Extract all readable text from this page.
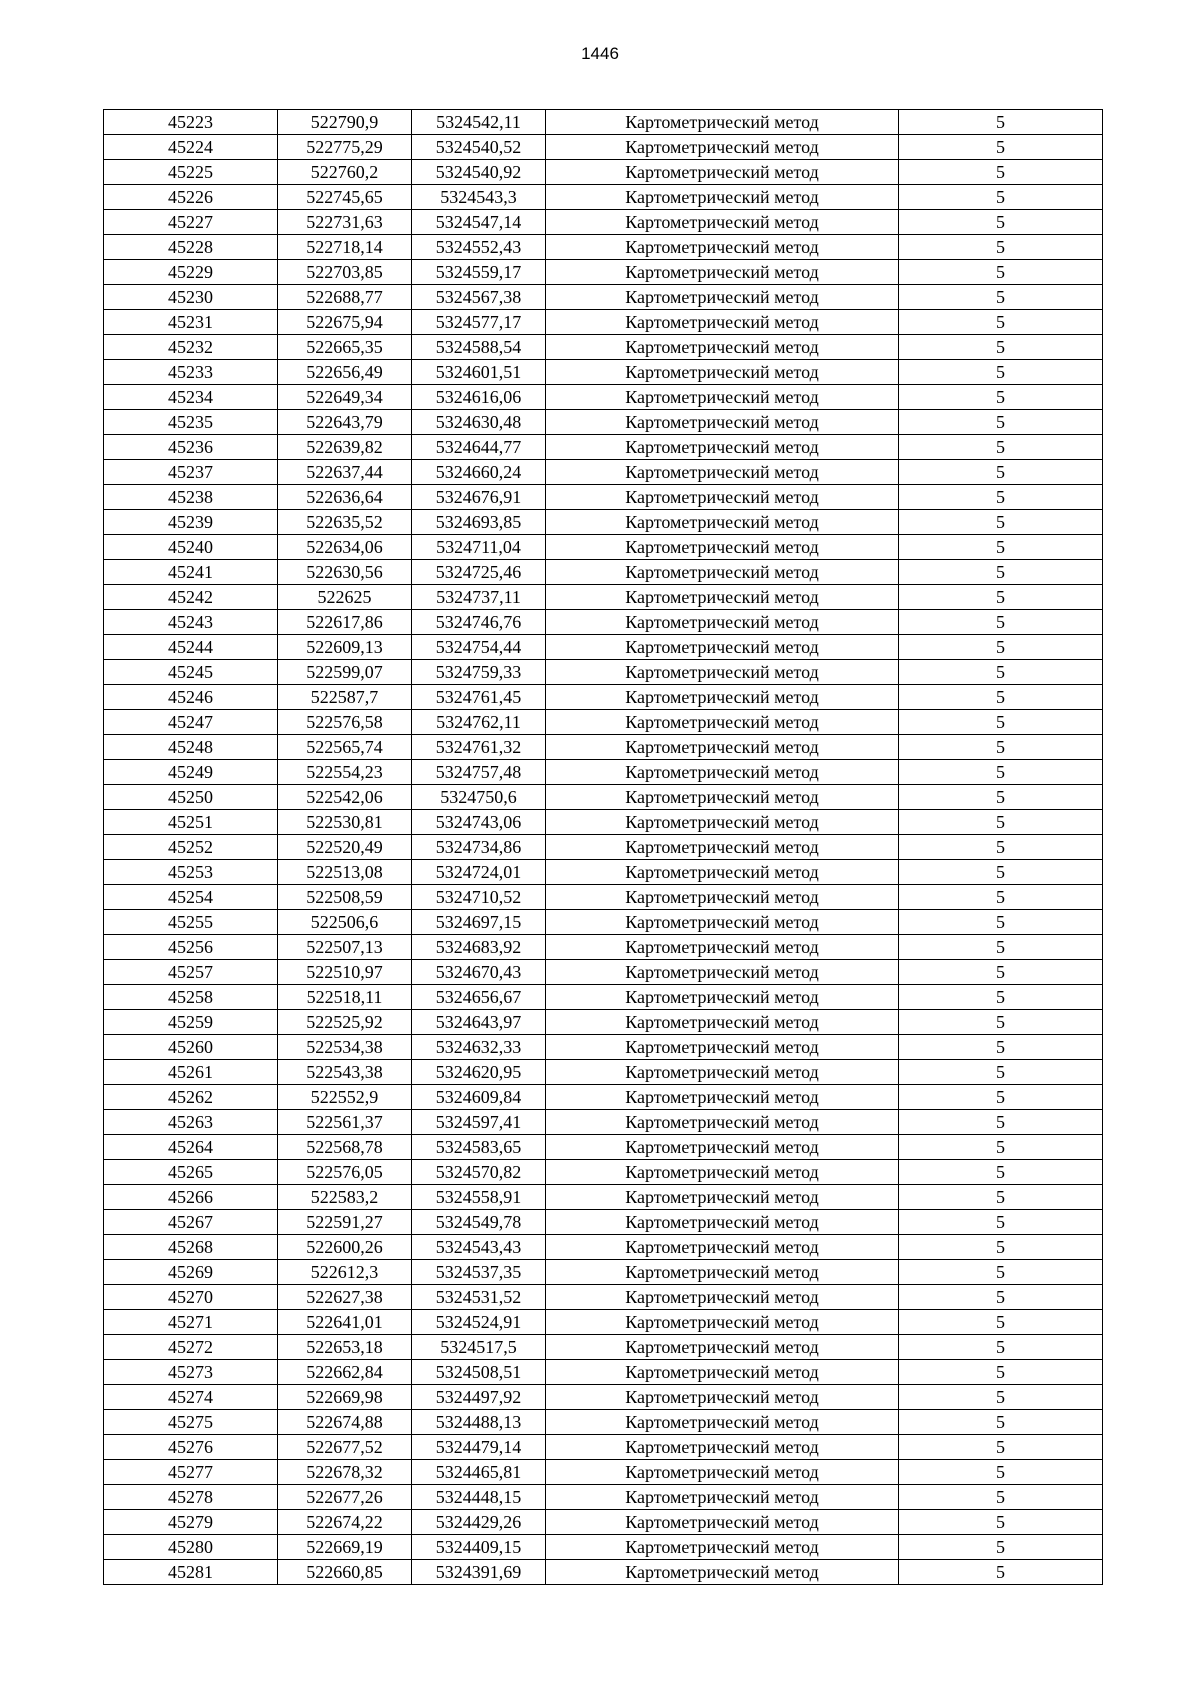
1446
45223	522790,9	5324542,11	Картометрический метод	5
45224	522775,29	5324540,52	Картометрический метод	5
45225	522760,2	5324540,92	Картометрический метод	5
45226	522745,65	5324543,3	Картометрический метод	5
45227	522731,63	5324547,14	Картометрический метод	5
45228	522718,14	5324552,43	Картометрический метод	5
45229	522703,85	5324559,17	Картометрический метод	5
45230	522688,77	5324567,38	Картометрический метод	5
45231	522675,94	5324577,17	Картометрический метод	5
45232	522665,35	5324588,54	Картометрический метод	5
45233	522656,49	5324601,51	Картометрический метод	5
45234	522649,34	5324616,06	Картометрический метод	5
45235	522643,79	5324630,48	Картометрический метод	5
45236	522639,82	5324644,77	Картометрический метод	5
45237	522637,44	5324660,24	Картометрический метод	5
45238	522636,64	5324676,91	Картометрический метод	5
45239	522635,52	5324693,85	Картометрический метод	5
45240	522634,06	5324711,04	Картометрический метод	5
45241	522630,56	5324725,46	Картометрический метод	5
45242	522625	5324737,11	Картометрический метод	5
45243	522617,86	5324746,76	Картометрический метод	5
45244	522609,13	5324754,44	Картометрический метод	5
45245	522599,07	5324759,33	Картометрический метод	5
45246	522587,7	5324761,45	Картометрический метод	5
45247	522576,58	5324762,11	Картометрический метод	5
45248	522565,74	5324761,32	Картометрический метод	5
45249	522554,23	5324757,48	Картометрический метод	5
45250	522542,06	5324750,6	Картометрический метод	5
45251	522530,81	5324743,06	Картометрический метод	5
45252	522520,49	5324734,86	Картометрический метод	5
45253	522513,08	5324724,01	Картометрический метод	5
45254	522508,59	5324710,52	Картометрический метод	5
45255	522506,6	5324697,15	Картометрический метод	5
45256	522507,13	5324683,92	Картометрический метод	5
45257	522510,97	5324670,43	Картометрический метод	5
45258	522518,11	5324656,67	Картометрический метод	5
45259	522525,92	5324643,97	Картометрический метод	5
45260	522534,38	5324632,33	Картометрический метод	5
45261	522543,38	5324620,95	Картометрический метод	5
45262	522552,9	5324609,84	Картометрический метод	5
45263	522561,37	5324597,41	Картометрический метод	5
45264	522568,78	5324583,65	Картометрический метод	5
45265	522576,05	5324570,82	Картометрический метод	5
45266	522583,2	5324558,91	Картометрический метод	5
45267	522591,27	5324549,78	Картометрический метод	5
45268	522600,26	5324543,43	Картометрический метод	5
45269	522612,3	5324537,35	Картометрический метод	5
45270	522627,38	5324531,52	Картометрический метод	5
45271	522641,01	5324524,91	Картометрический метод	5
45272	522653,18	5324517,5	Картометрический метод	5
45273	522662,84	5324508,51	Картометрический метод	5
45274	522669,98	5324497,92	Картометрический метод	5
45275	522674,88	5324488,13	Картометрический метод	5
45276	522677,52	5324479,14	Картометрический метод	5
45277	522678,32	5324465,81	Картометрический метод	5
45278	522677,26	5324448,15	Картометрический метод	5
45279	522674,22	5324429,26	Картометрический метод	5
45280	522669,19	5324409,15	Картометрический метод	5
45281	522660,85	5324391,69	Картометрический метод	5
